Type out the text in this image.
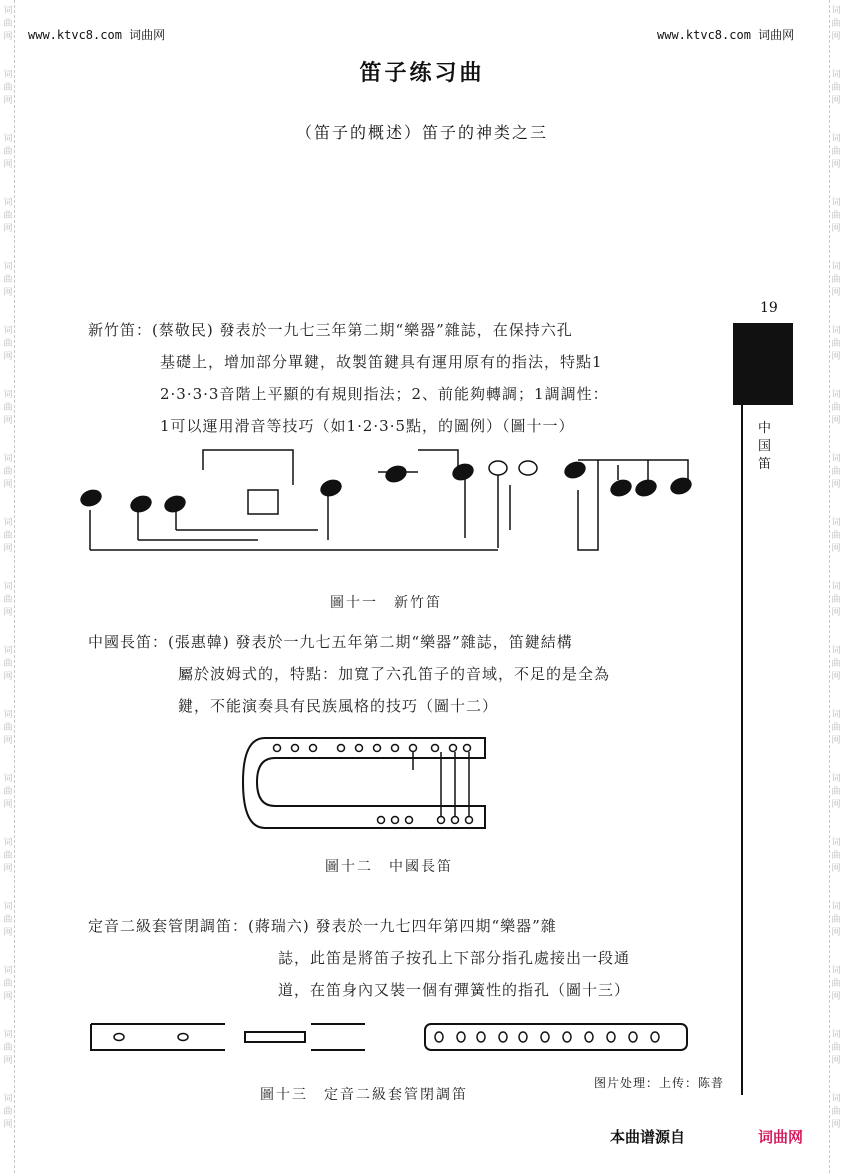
词
曲
网
词
曲
网
词
曲
网
词
曲
网
词
曲
网
词
曲
网
词
曲
网
词
曲
网
词
曲
网
词
曲
网
词
曲
网
词
曲
网
词
曲
网
词
曲
网
词
曲
网
词
曲
网
词
曲
网
词
曲
网
词
曲
网
词
曲
网
词
曲
网
词
曲
网
词
曲
网
词
曲
网
词
曲
网
词
曲
网
词
曲
网
词
曲
网
词
曲
网
词
曲
网
词
曲
网
词
曲
网
词
曲
网
词
曲
网
词
曲
网
词
曲
网
www.ktvc8.com 词曲网	www.ktvc8.com 词曲网
笛子练习曲
（笛子的概述）笛子的神类之三
19
中国笛
新竹笛：(蔡敬民) 發表於一九七三年第二期“樂器”雜誌，在保持六孔
基礎上，增加部分單鍵，故製笛鍵具有運用原有的指法，特點1
2·3·3·3音階上平顯的有規則指法；2、前能夠轉調；1調調性：
1可以運用滑音等技巧（如1·2·3·5點，的圖例）（圖十一）
圖十一　新竹笛
中國長笛：(張惠韓) 發表於一九七五年第二期“樂器”雜誌，笛鍵結構
屬於波姆式的，特點：加寬了六孔笛子的音域，不足的是全為
鍵，不能演奏具有民族風格的技巧（圖十二）
圖十二　中國長笛
定音二級套管閉調笛：(蔣瑞六) 發表於一九七四年第四期“樂器”雜
誌，此笛是將笛子按孔上下部分指孔處接出一段通
道，在笛身內又裝一個有彈簧性的指孔（圖十三）
圖十三　定音二級套管閉調笛
图片处理：上传：陈普
本曲谱源自	词曲网
